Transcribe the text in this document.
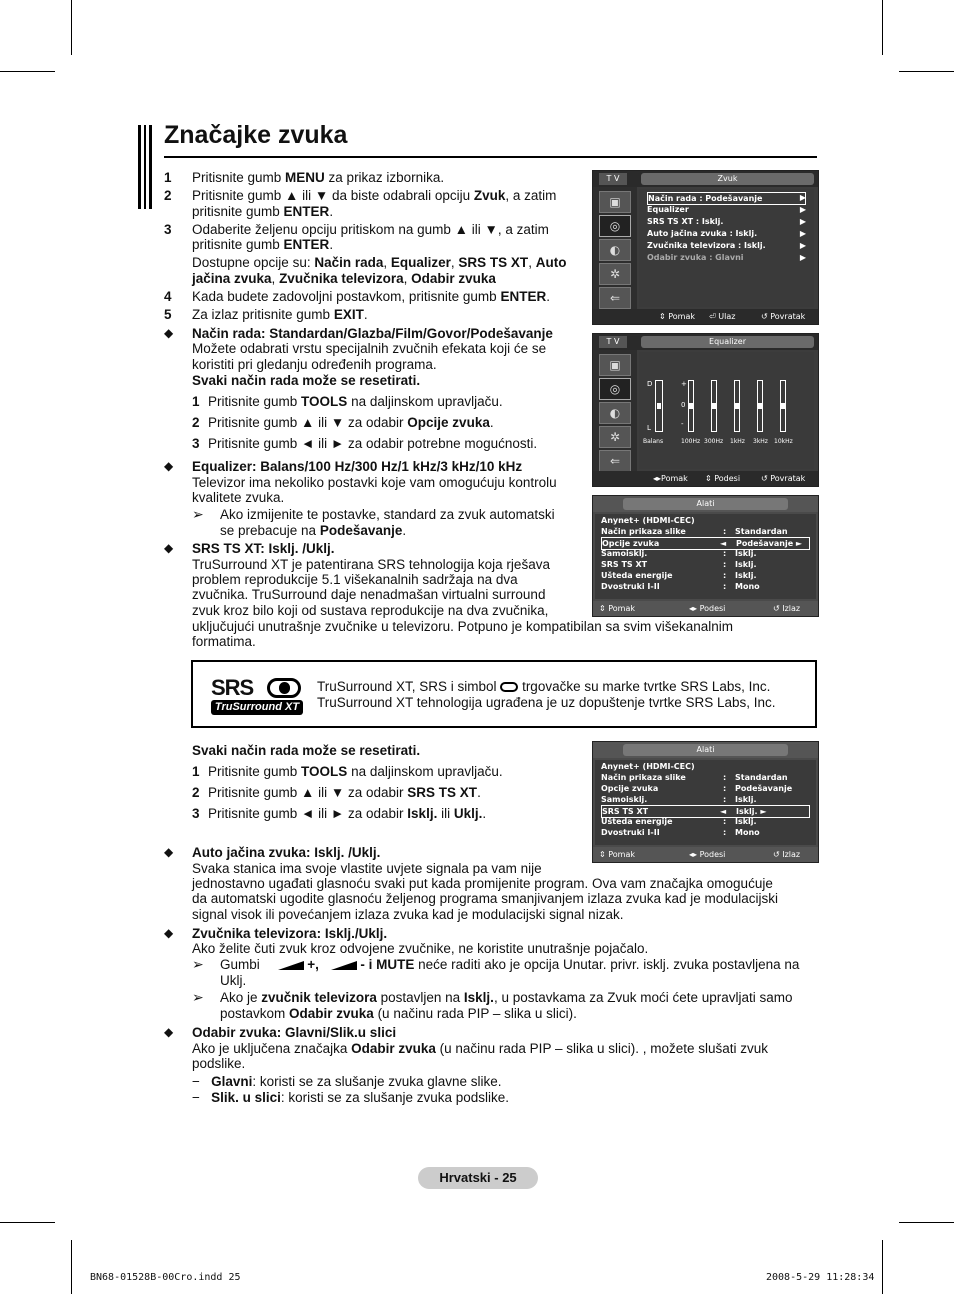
Značajke zvuka
1 Pritisnite gumb MENU za prikaz izbornika.
2 Pritisnite gumb ▲ ili ▼ da biste odabrali opciju Zvuk, a zatim
pritisnite gumb ENTER.
3 Odaberite željenu opciju pritiskom na gumb ▲ ili ▼, a zatim
pritisnite gumb ENTER.
Dostupne opcije su: Način rada, Equalizer, SRS TS XT, Auto
jačina zvuka, Zvučnika televizora, Odabir zvuka
4 Kada budete zadovoljni postavkom, pritisnite gumb ENTER.
5 Za izlaz pritisnite gumb EXIT.
◆ Način rada: Standardan/Glazba/Film/Govor/Podešavanje
Možete odabrati vrstu specijalnih zvučnih efekata koji će se
koristiti pri gledanju određenih programa.
Svaki način rada može se resetirati.
1 Pritisnite gumb TOOLS na daljinskom upravljaču.
2 Pritisnite gumb ▲ ili ▼ za odabir Opcije zvuka.
3 Pritisnite gumb ◄ ili ► za odabir potrebne mogućnosti.
◆ Equalizer: Balans/100 Hz/300 Hz/1 kHz/3 kHz/10 kHz
Televizor ima nekoliko postavki koje vam omogućuju kontrolu
kvalitete zvuka.
➢ Ako izmijenite te postavke, standard za zvuk automatski
se prebacuje na Podešavanje.
◆ SRS TS XT: Isklj. /Uklj.
TruSurround XT je patentirana SRS tehnologija koja rješava
problem reprodukcije 5.1 višekanalnih sadržaja na dva
zvučnika. TruSurround daje nenadmašan virtualni surround
zvuk kroz bilo koji od sustava reprodukcije na dva zvučnika,
uključujući unutrašnje zvučnike u televizoru. Potpuno je kompatibilan sa svim višekanalnim
formatima.
SRS
TruSurround XT
TruSurround XT, SRS i simbol  trgovačke su marke tvrtke SRS Labs, Inc.
TruSurround XT tehnologija ugrađena je uz dopuštenje tvrtke SRS Labs, Inc.
Svaki način rada može se resetirati.
1 Pritisnite gumb TOOLS na daljinskom upravljaču.
2 Pritisnite gumb ▲ ili ▼ za odabir SRS TS XT.
3 Pritisnite gumb ◄ ili ► za odabir Isklj. ili Uklj..
◆ Auto jačina zvuka: Isklj. /Uklj.
Svaka stanica ima svoje vlastite uvjete signala pa vam nije
jednostavno ugađati glasnoću svaki put kada promijenite program. Ova vam značajka omogućuje
da automatski ugodite glasnoću željenog programa smanjivanjem izlaza zvuka kad je modulacijski
signal visok ili povećanjem izlaza zvuka kad je modulacijski signal nizak.
◆ Zvučnika televizora: Isklj./Uklj.
Ako želite čuti zvuk kroz odvojene zvučnike, ne koristite unutrašnje pojačalo.
➢ Gumbi	+,	- i MUTE neće raditi ako je opcija Unutar. privr. isklj. zvuka postavljena na
Uklj.
➢ Ako je zvučnik televizora postavljen na Isklj., u postavkama za Zvuk moći ćete upravljati samo
postavkom Odabir zvuka (u načinu rada PIP – slika u slici).
◆ Odabir zvuka: Glavni/Slik.u slici
Ako je uključena značajka Odabir zvuka (u načinu rada PIP – slika u slici). , možete slušati zvuk
podslike.
−   Glavni: koristi se za slušanje zvuka glavne slike.
−   Slik. u slici: koristi se za slušanje zvuka podslike.
T V	Zvuk
▣
◎
◐
✲
⇐
Način rada : Podešavanje
Equalizer
SRS TS XT : Isklj.
Auto jačina zvuka : Isklj.
Zvučnika televizora : Isklj.
Odabir zvuka : Glavni
▶
▶
▶
▶
▶
▶
⇕ Pomak ⏎ Ulaz	↺ Povratak
T V	Equalizer
▣
◎
◐
✲
⇐
D
L
+
0
-
+
0
-
Balans	100Hz 300Hz 1kHz 3kHz 10kHz
◂▸Pomak ⇕ Podesi	↺ Povratak
Alati
Anynet+ (HDMI-CEC)
Način prikaza slike	: Standardan
Opcije zvuka	◄ Podešavanje ►
Samoisklj.	: Isklj.
SRS TS XT	: Isklj.
Ušteda energije	: Isklj.
Dvostruki I-II	: Mono
⇕ Pomak	◂▸ Podesi	↺ Izlaz
Alati
Anynet+ (HDMI-CEC)
Način prikaza slike	: Standardan
Opcije zvuka	: Podešavanje
Samoisklj.	: Isklj.
SRS TS XT	◄ Isklj. ►
Ušteda energije	: Isklj.
Dvostruki I-II	: Mono
⇕ Pomak	◂▸ Podesi	↺ Izlaz
Hrvatski - 25
BN68-01528B-00Cro.indd 25	2008-5-29 11:28:34
